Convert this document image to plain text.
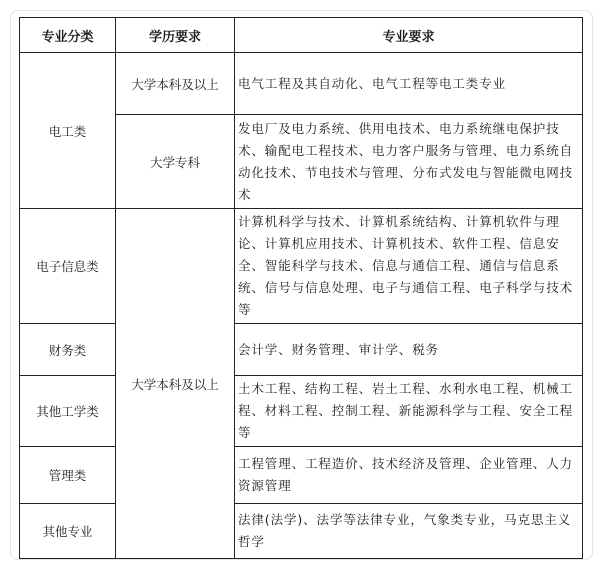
专业分类	学历要求	专业要求
电工类	大学本科及以上	电气工程及其自动化、电气工程等电工类专业
	大学专科	发电厂及电力系统、供用电技术、电力系统继电保护技术、输配电工程技术、电力客户服务与管理、电力系统自动化技术、节电技术与管理、分布式发电与智能微电网技术
电子信息类	大学本科及以上	计算机科学与技术、计算机系统结构、计算机软件与理论、计算机应用技术、计算机技术、软件工程、信息安全、智能科学与技术、信息与通信工程、通信与信息系统、信号与信息处理、电子与通信工程、电子科学与技术等
财务类		会计学、财务管理、审计学、税务
其他工学类		土木工程、结构工程、岩土工程、水利水电工程、机械工程、材料工程、控制工程、新能源科学与工程、安全工程等
管理类		工程管理、工程造价、技术经济及管理、企业管理、人力资源管理
其他专业		法律(法学)、法学等法律专业，气象类专业，马克思主义哲学
